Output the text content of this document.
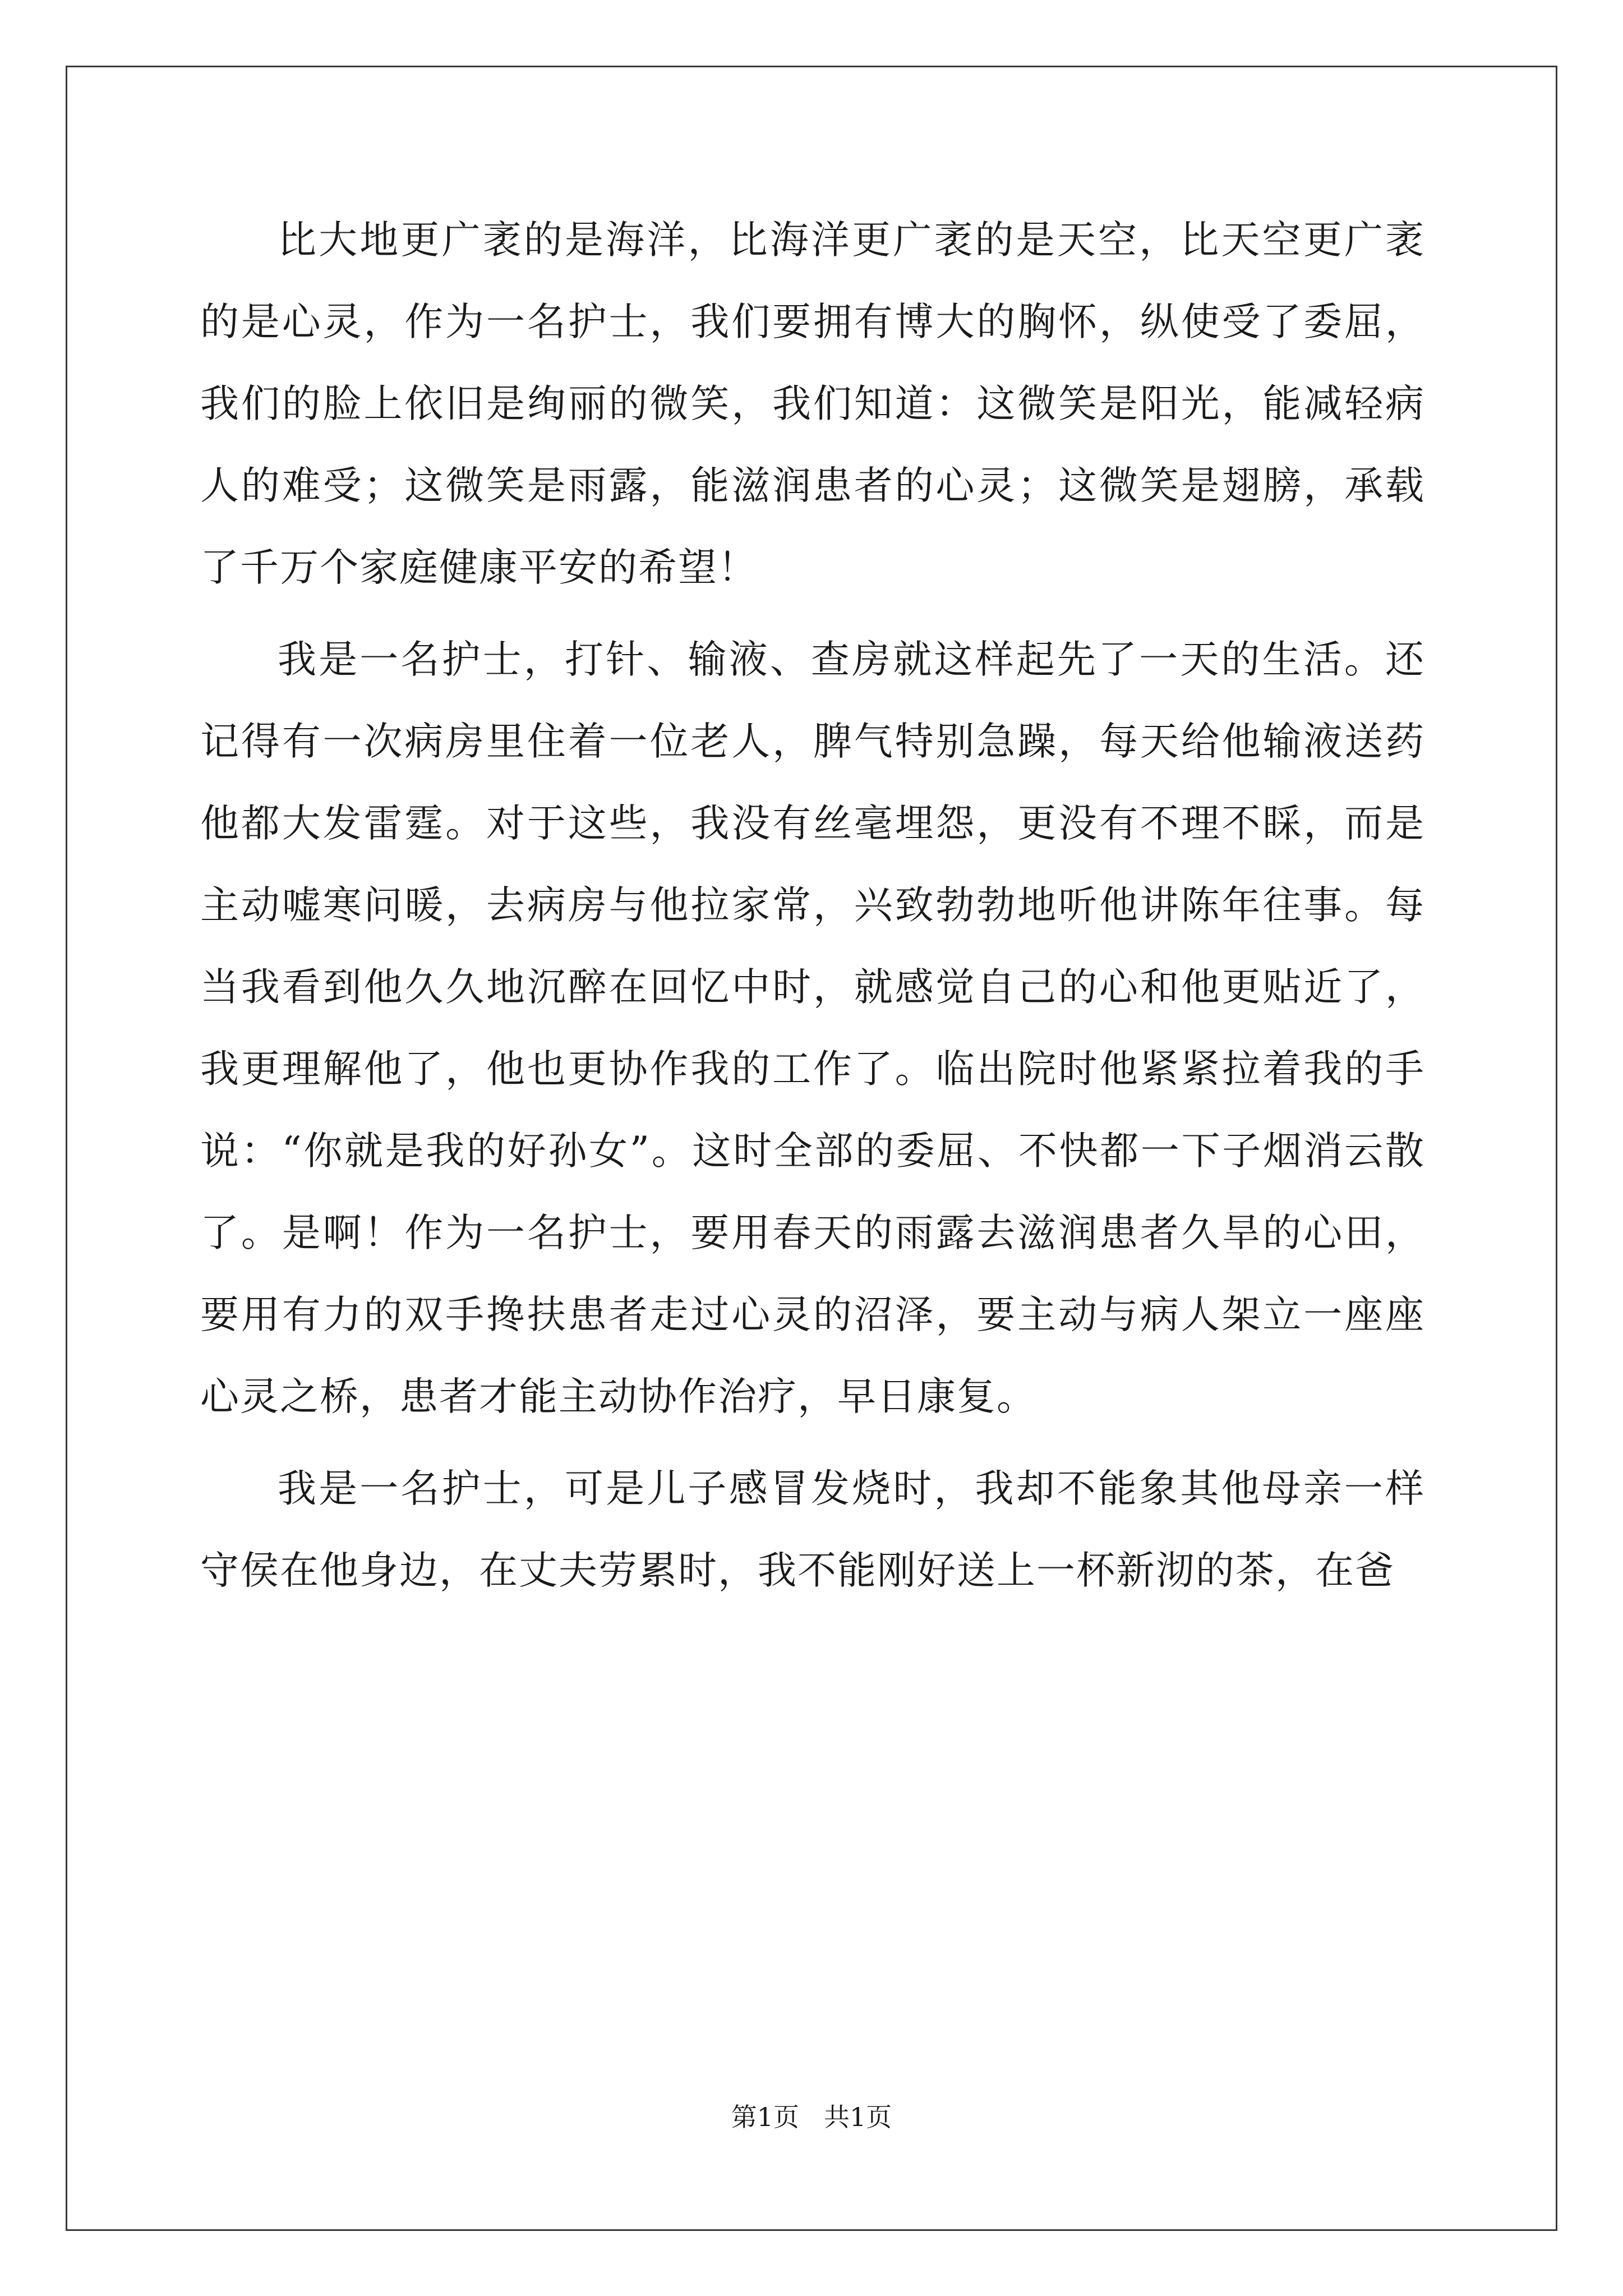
比大地更广袤的是海洋，比海洋更广袤的是天空，比天空更广袤的是心灵，作为一名护士，我们要拥有博大的胸怀，纵使受了委屈，我们的脸上依旧是绚丽的微笑，我们知道：这微笑是阳光，能减轻病人的难受；这微笑是雨露，能滋润患者的心灵；这微笑是翅膀，承载了千万个家庭健康平安的希望！

我是一名护士，打针、输液、查房就这样起先了一天的生活。还记得有一次病房里住着一位老人，脾气特别急躁，每天给他输液送药他都大发雷霆。对于这些，我没有丝毫埋怨，更没有不理不睬，而是主动嘘寒问暖，去病房与他拉家常，兴致勃勃地听他讲陈年往事。每当我看到他久久地沉醉在回忆中时，就感觉自己的心和他更贴近了，我更理解他了，他也更协作我的工作了。临出院时他紧紧拉着我的手说：“你就是我的好孙女”。这时全部的委屈、不快都一下子烟消云散了。是啊！作为一名护士，要用春天的雨露去滋润患者久旱的心田，要用有力的双手搀扶患者走过心灵的沼泽，要主动与病人架立一座座心灵之桥，患者才能主动协作治疗，早日康复。

我是一名护士，可是儿子感冒发烧时，我却不能象其他母亲一样守侯在他身边，在丈夫劳累时，我不能刚好送上一杯新沏的茶，在爸

第1页 共1页
